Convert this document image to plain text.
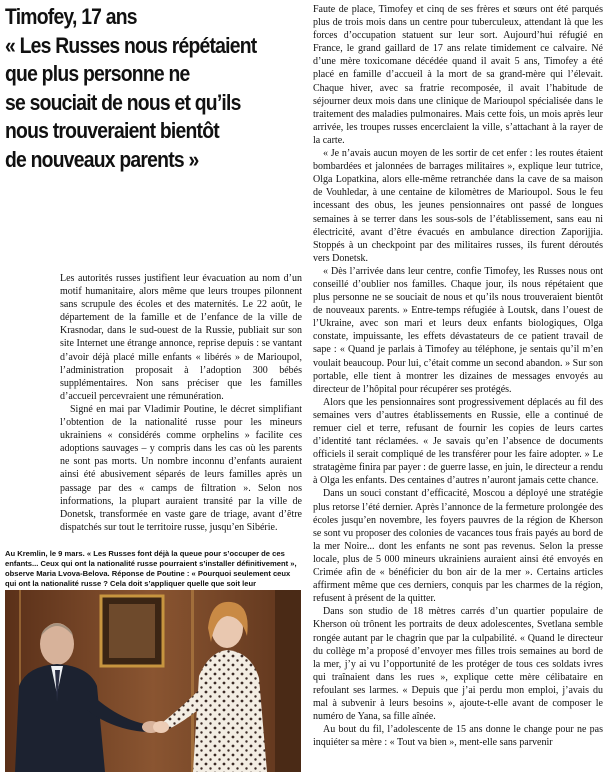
Timofey, 17 ans
« Les Russes nous répétaient
que plus personne ne
se souciait de nous et qu’ils
nous trouveraient bientôt
de nouveaux parents »

Les autorités russes justifient leur évacuation au nom d’un motif humanitaire, alors même que leurs troupes pilonnent sans scrupule des écoles et des maternités. Le 22 août, le département de la famille et de l’enfance de la ville de Krasnodar, dans le sud-ouest de la Russie, publiait sur son site Internet une étrange annonce, reprise depuis : se vantant d’avoir déjà placé mille enfants « libérés » de Marioupol, l’administration proposait à l’adoption 300 bébés supplémentaires. Non sans préciser que les familles d’accueil percevraient une rémunération.

Signé en mai par Vladimir Poutine, le décret simplifiant l’obtention de la nationalité russe pour les mineurs ukrainiens « considérés comme orphelins » facilite ces adoptions sauvages – y compris dans les cas où les parents ne sont pas morts. Un nombre inconnu d’enfants auraient ainsi été abusivement séparés de leurs familles après un passage par des « camps de filtration ». Selon nos informations, la plupart auraient transité par la ville de Donetsk, transformée en vaste gare de triage, avant d’être dispatchés sur tout le territoire russe, jusqu’en Sibérie.

Au Kremlin, le 9 mars. « Les Russes font déjà la queue pour s’occuper de ces enfants... Ceux qui ont la nationalité russe pourraient s’installer définitivement », observe Maria Lvova-Belova. Réponse de Poutine : « Pourquoi seulement ceux qui ont la nationalité russe ? Cela doit s’appliquer quelle que soit leur

Faute de place, Timofey et cinq de ses frères et sœurs ont été parqués plus de trois mois dans un centre pour tuberculeux, attendant là que les forces d’occupation statuent sur leur sort. Aujourd’hui réfugié en France, le grand gaillard de 17 ans relate timidement ce calvaire. Né d’une mère toxicomane décédée quand il avait 5 ans, Timofey a été placé en famille d’accueil à la mort de sa grand-mère qui l’élevait. Chaque hiver, avec sa fratrie recomposée, il avait l’habitude de séjourner deux mois dans une clinique de Marioupol spécialisée dans le traitement des maladies pulmonaires. Mais cette fois, un mois après leur arrivée, les troupes russes encerclaient la ville, s’attachant à la rayer de la carte.

« Je n’avais aucun moyen de les sortir de cet enfer : les routes étaient bombardées et jalonnées de barrages militaires », explique leur tutrice, Olga Lopatkina, alors elle-même retranchée dans la cave de sa maison de Vouhledar, à une centaine de kilomètres de Marioupol. Sous le feu incessant des obus, les jeunes pensionnaires ont passé de longues semaines à se terrer dans les sous-sols de l’établissement, sans eau ni électricité, avant d’être évacués en ambulance direction Zaporijjia. Stoppés à un checkpoint par des militaires russes, ils furent déroutés vers Donetsk.

« Dès l’arrivée dans leur centre, confie Timofey, les Russes nous ont conseillé d’oublier nos familles. Chaque jour, ils nous répétaient que plus personne ne se souciait de nous et qu’ils nous trouveraient bientôt de nouveaux parents. » Entre-temps réfugiée à Loutsk, dans l’ouest de l’Ukraine, avec son mari et leurs deux enfants biologiques, Olga constate, impuissante, les effets dévastateurs de ce patient travail de sape : « Quand je parlais à Timofey au téléphone, je sentais qu’il m’en voulait beaucoup. Pour lui, c’était comme un second abandon. » Sur son portable, elle tient à montrer les dizaines de messages envoyés au directeur de l’hôpital pour récupérer ses protégés.

Alors que les pensionnaires sont progressivement déplacés au fil des semaines vers d’autres établissements en Russie, elle a continué de remuer ciel et terre, refusant de fournir les copies de leurs cartes d’identité tant réclamées. « Je savais qu’en l’absence de documents officiels il serait compliqué de les transférer pour les faire adopter. » Le stratagème finira par payer : de guerre lasse, en juin, le directeur a rendu à Olga les enfants. Des centaines d’autres n’auront jamais cette chance.

Dans un souci constant d’efficacité, Moscou a déployé une stratégie plus retorse l’été dernier. Après l’annonce de la fermeture prolongée des écoles jusqu’en novembre, les foyers pauvres de la région de Kherson se sont vu proposer des colonies de vacances tous frais payés au bord de la mer Noire... dont les enfants ne sont pas revenus. Selon la presse locale, plus de 5 000 mineurs ukrainiens auraient ainsi été envoyés en Crimée afin de « bénéficier du bon air de la mer ». Certains articles affirment même que ces derniers, conquis par les charmes de la région, refusent à présent de la quitter.

Dans son studio de 18 mètres carrés d’un quartier populaire de Kherson où trônent les portraits de deux adolescentes, Svetlana semble rongée autant par le chagrin que par la culpabilité. « Quand le directeur du collège m’a proposé d’envoyer mes filles trois semaines au bord de la mer, j’y ai vu l’opportunité de les protéger de tous ces soldats ivres qui traînaient dans les rues », explique cette mère célibataire en refoulant ses larmes. « Depuis que j’ai perdu mon emploi, j’avais du mal à subvenir à leurs besoins », ajoute-t-elle avant de composer le numéro de Yana, sa fille aînée.

Au bout du fil, l’adolescente de 15 ans donne le change pour ne pas inquiéter sa mère : « Tout va bien », ment-elle sans parvenir
